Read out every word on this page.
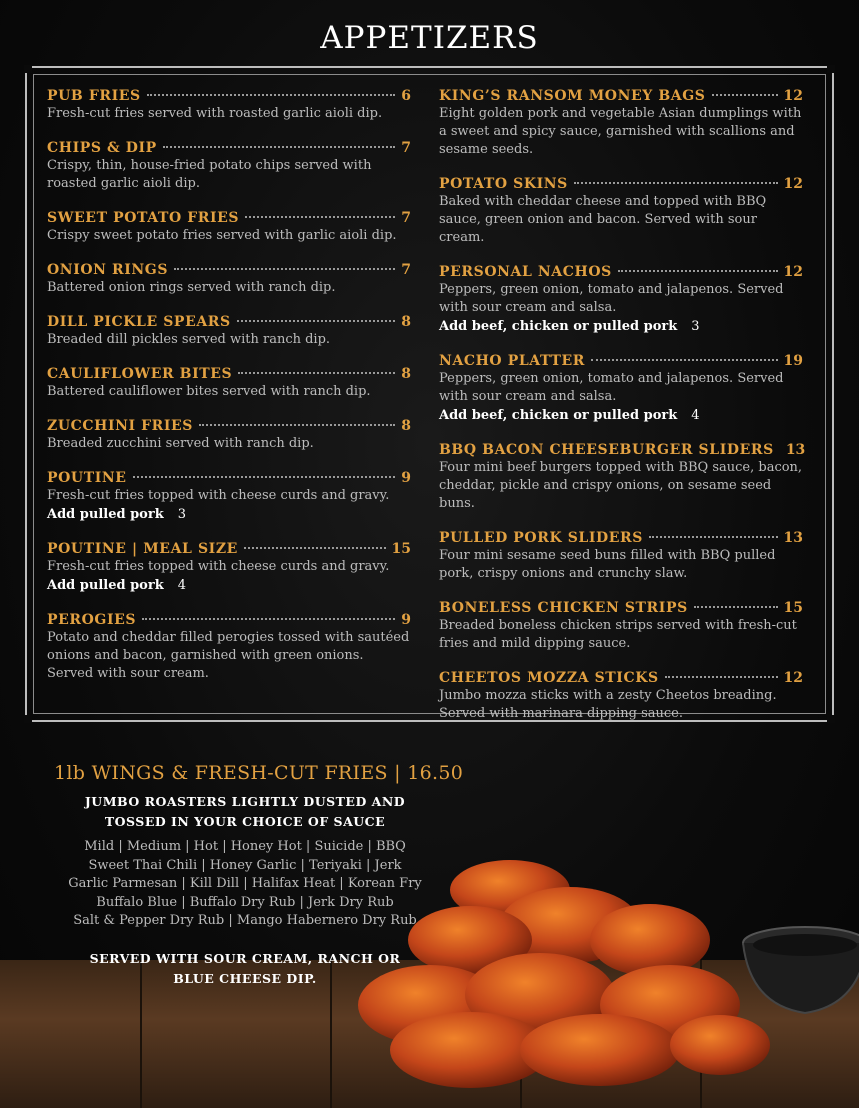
APPETIZERS
PUB FRIES	6
Fresh-cut fries served with roasted garlic aioli dip.
CHIPS & DIP	7
Crispy, thin, house-fried potato chips served with roasted garlic aioli dip.
SWEET POTATO FRIES	7
Crispy sweet potato fries served with garlic aioli dip.
ONION RINGS	7
Battered onion rings served with ranch dip.
DILL PICKLE SPEARS	8
Breaded dill pickles served with ranch dip.
CAULIFLOWER BITES	8
Battered cauliflower bites served with ranch dip.
ZUCCHINI FRIES	8
Breaded zucchini served with ranch dip.
POUTINE	9
Fresh-cut fries topped with cheese curds and gravy.
Add pulled pork 3
POUTINE | MEAL SIZE	15
Fresh-cut fries topped with cheese curds and gravy.
Add pulled pork 4
PEROGIES	9
Potato and cheddar filled perogies tossed with sautéed onions and bacon, garnished with green onions. Served with sour cream.
KING’S RANSOM MONEY BAGS	12
Eight golden pork and vegetable Asian dumplings with a sweet and spicy sauce, garnished with scallions and sesame seeds.
POTATO SKINS	12
Baked with cheddar cheese and topped with BBQ sauce, green onion and bacon. Served with sour cream.
PERSONAL NACHOS	12
Peppers, green onion, tomato and jalapenos. Served with sour cream and salsa.
Add beef, chicken or pulled pork 3
NACHO PLATTER	19
Peppers, green onion, tomato and jalapenos. Served with sour cream and salsa.
Add beef, chicken or pulled pork 4
BBQ BACON CHEESEBURGER SLIDERS 13
Four mini beef burgers topped with BBQ sauce, bacon, cheddar, pickle and crispy onions, on sesame seed buns.
PULLED PORK SLIDERS	13
Four mini sesame seed buns filled with BBQ pulled pork, crispy onions and crunchy slaw.
BONELESS CHICKEN STRIPS	15
Breaded boneless chicken strips served with fresh-cut fries and mild dipping sauce.
CHEETOS MOZZA STICKS	12
Jumbo mozza sticks with a zesty Cheetos breading. Served with marinara dipping sauce.
1lb WINGS & FRESH-CUT FRIES | 16.50
JUMBO ROASTERS LIGHTLY DUSTED AND
TOSSED IN YOUR CHOICE OF SAUCE
Mild | Medium | Hot | Honey Hot | Suicide | BBQ
Sweet Thai Chili | Honey Garlic | Teriyaki | Jerk
Garlic Parmesan | Kill Dill | Halifax Heat | Korean Fry
Buffalo Blue | Buffalo Dry Rub | Jerk Dry Rub
Salt & Pepper Dry Rub | Mango Habernero Dry Rub
SERVED WITH SOUR CREAM, RANCH OR
BLUE CHEESE DIP.
